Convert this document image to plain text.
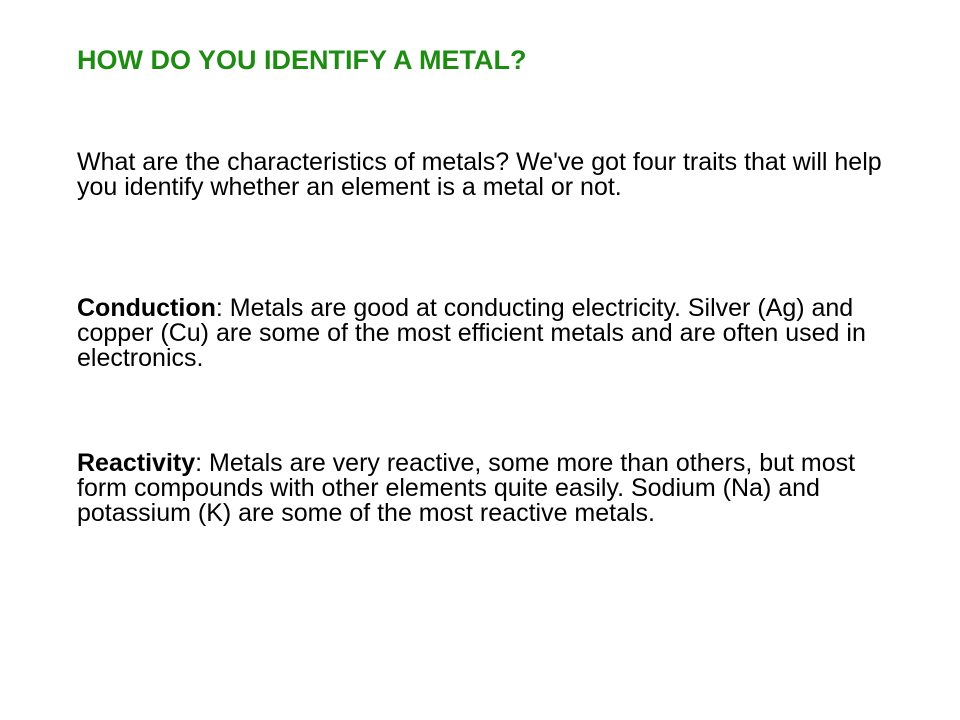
HOW DO YOU IDENTIFY A METAL?

What are the characteristics of metals? We've got four traits that will help you identify whether an element is a metal or not.

Conduction: Metals are good at conducting electricity. Silver (Ag) and copper (Cu) are some of the most efficient metals and are often used in electronics.

Reactivity: Metals are very reactive, some more than others, but most form compounds with other elements quite easily. Sodium (Na) and potassium (K) are some of the most reactive metals.
